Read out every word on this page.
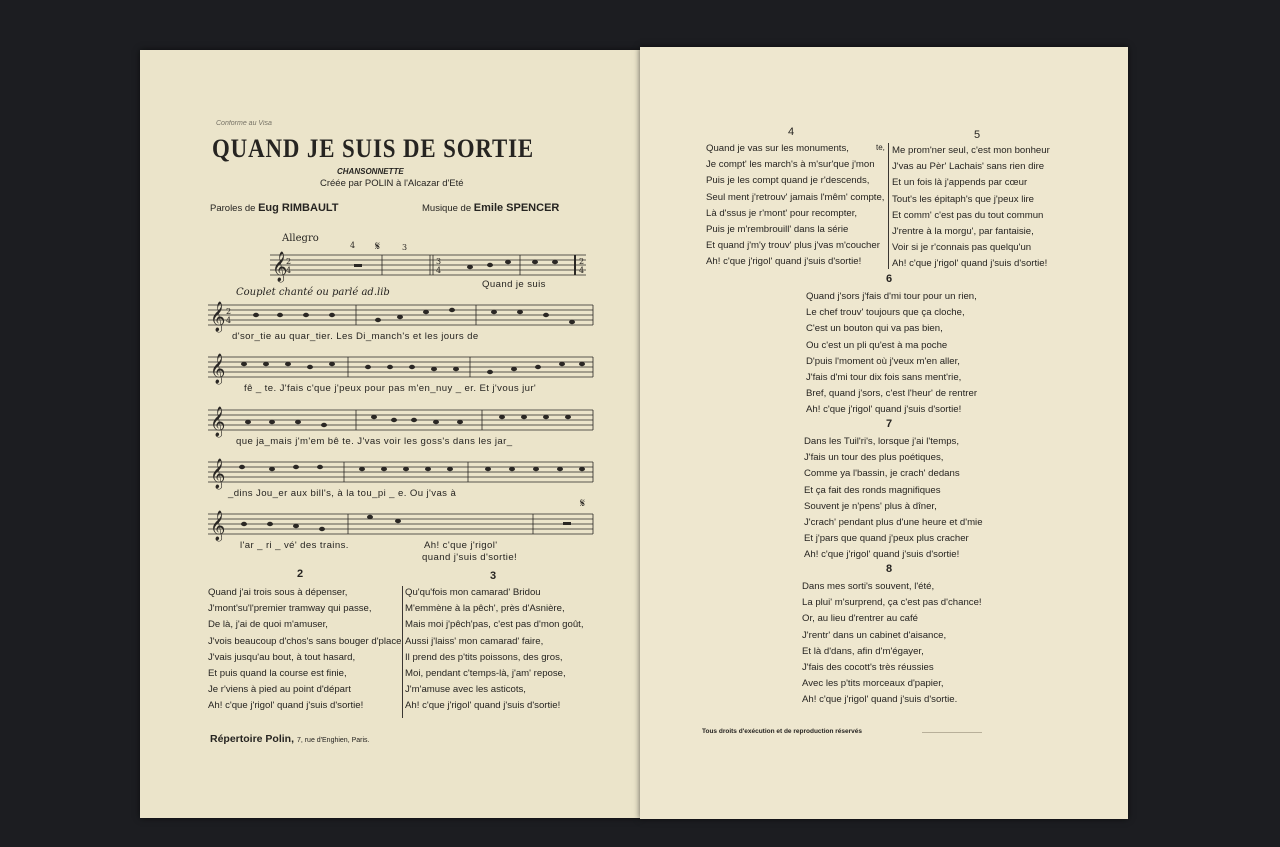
Conforme au Visa
QUAND JE SUIS DE SORTIE
CHANSONNETTE
Créée par POLIN à l'Alcazar d'Eté
Paroles de Eug RIMBAULT	Musique de Emile SPENCER
Allegro
Couplet chanté ou parlé ad.lib
𝄞
2
4
4 𝄋	3
3
4
2
4
Quand je suis
𝄞 2
4
d'sor_tie au quar_tier. Les Di_manch's et les jours de
𝄞
fê _ te. J'fais c'que j'peux pour pas m'en_nuy _ er. Et j'vous jur'
𝄞
que ja_mais j'm'em bê te. J'vas voir les goss's dans les jar_
𝄞
_dins Jou_er aux bill's, à la tou_pi _ e. Ou j'vas à
𝄞
𝄋
l'ar _ ri _ vé' des trains.	Ah! c'que j'rigol'
quand j'suis d'sortie!
2	3
Quand j'ai trois sous à dépenser,
J'mont'su'l'premier tramway qui passe,
De là, j'ai de quoi m'amuser,
J'vois beaucoup d'chos's sans bouger d'place
J'vais jusqu'au bout, à tout hasard,
Et puis quand la course est finie,
Je r'viens à pied au point d'départ
Ah! c'que j'rigol' quand j'suis d'sortie!
Qu'qu'fois mon camarad' Bridou
M'emmène à la pêch', près d'Asnière,
Mais moi j'pêch'pas, c'est pas d'mon goût,
Aussi j'laiss' mon camarad' faire,
Il prend des p'tits poissons, des gros,
Moi, pendant c'temps-là, j'am' repose,
J'm'amuse avec les asticots,
Ah! c'que j'rigol' quand j'suis d'sortie!
Répertoire Polin, 7, rue d'Enghien, Paris.
4	5
te,
Quand je vas sur les monuments,
Je compt' les march's à m'sur'que j'mon
Puis je les compt quand je r'descends,
Seul ment j'retrouv' jamais l'mêm' compte,
Là d'ssus je r'mont' pour recompter,
Puis je m'rembrouill' dans la série
Et quand j'm'y trouv' plus j'vas m'coucher
Ah! c'que j'rigol' quand j'suis d'sortie!
Me prom'ner seul, c'est mon bonheur
J'vas au Pèr' Lachais' sans rien dire
Et un fois là j'appends par cœur
Tout's les épitaph's que j'peux lire
Et comm' c'est pas du tout commun
J'rentre à la morgu', par fantaisie,
Voir si je r'connais pas quelqu'un
Ah! c'que j'rigol' quand j'suis d'sortie!
6
Quand j'sors j'fais d'mi tour pour un rien,
Le chef trouv' toujours que ça cloche,
C'est un bouton qui va pas bien,
Ou c'est un pli qu'est à ma poche
D'puis l'moment où j'veux m'en aller,
J'fais d'mi tour dix fois sans ment'rie,
Bref, quand j'sors, c'est l'heur' de rentrer
Ah! c'que j'rigol' quand j'suis d'sortie!
7
Dans les Tuil'ri's, lorsque j'ai l'temps,
J'fais un tour des plus poétiques,
Comme ya l'bassin, je crach' dedans
Et ça fait des ronds magnifiques
Souvent je n'pens' plus à dîner,
J'crach' pendant plus d'une heure et d'mie
Et j'pars que quand j'peux plus cracher
Ah! c'que j'rigol' quand j'suis d'sortie!
8
Dans mes sorti's souvent, l'été,
La plui' m'surprend, ça c'est pas d'chance!
Or, au lieu d'rentrer au café
J'rentr' dans un cabinet d'aisance,
Et là d'dans, afin d'm'égayer,
J'fais des cocott's très réussies
Avec les p'tits morceaux d'papier,
Ah! c'que j'rigol' quand j'suis d'sortie.
Tous droits d'exécution et de reproduction réservés
